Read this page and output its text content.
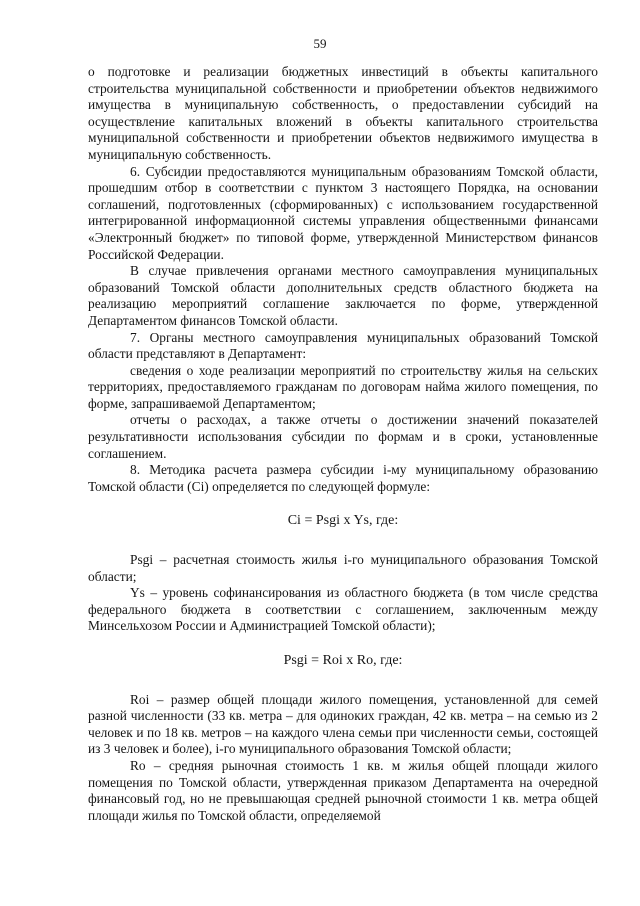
59

о подготовке и реализации бюджетных инвестиций в объекты капитального строительства муниципальной собственности и приобретении объектов недвижимого имущества в муниципальную собственность, о предоставлении субсидий на осуществление капитальных вложений в объекты капитального строительства муниципальной собственности и приобретении объектов недвижимого имущества в муниципальную собственность.

6. Субсидии предоставляются муниципальным образованиям Томской области, прошедшим отбор в соответствии с пунктом 3 настоящего Порядка, на основании соглашений, подготовленных (сформированных) с использованием государственной интегрированной информационной системы управления общественными финансами «Электронный бюджет» по типовой форме, утвержденной Министерством финансов Российской Федерации.

В случае привлечения органами местного самоуправления муниципальных образований Томской области дополнительных средств областного бюджета на реализацию мероприятий соглашение заключается по форме, утвержденной Департаментом финансов Томской области.

7. Органы местного самоуправления муниципальных образований Томской области представляют в Департамент:

сведения о ходе реализации мероприятий по строительству жилья на сельских территориях, предоставляемого гражданам по договорам найма жилого помещения, по форме, запрашиваемой Департаментом;

отчеты о расходах, а также отчеты о достижении значений показателей результативности использования субсидии по формам и в сроки, установленные соглашением.

8. Методика расчета размера субсидии i-му муниципальному образованию Томской области (Ci) определяется по следующей формуле:

Ci = Psgi x Ys, где:

Psgi – расчетная стоимость жилья i-го муниципального образования Томской области;

Ys – уровень софинансирования из областного бюджета (в том числе средства федерального бюджета в соответствии с соглашением, заключенным между Минсельхозом России и Администрацией Томской области);

Psgi = Roi x Ro, где:

Roi – размер общей площади жилого помещения, установленной для семей разной численности (33 кв. метра – для одиноких граждан, 42 кв. метра – на семью из 2 человек и по 18 кв. метров – на каждого члена семьи при численности семьи, состоящей из 3 человек и более), i-го муниципального образования Томской области;

Ro – средняя рыночная стоимость 1 кв. м жилья общей площади жилого помещения по Томской области, утвержденная приказом Департамента на очередной финансовый год, но не превышающая средней рыночной стоимости 1 кв. метра общей площади жилья по Томской области, определяемой
